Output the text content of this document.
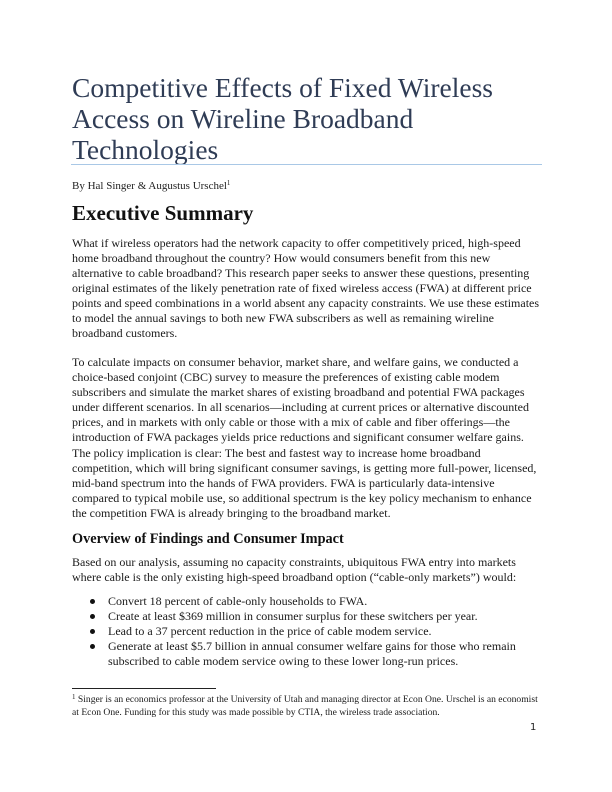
Competitive Effects of Fixed Wireless
Access on Wireline Broadband
Technologies
By Hal Singer & Augustus Urschel$^1$
Executive Summary

What if wireless operators had the network capacity to offer competitively priced, high-speed home broadband throughout the country? How would consumers benefit from this new alternative to cable broadband? This research paper seeks to answer these questions, presenting original estimates of the likely penetration rate of fixed wireless access (FWA) at different price points and speed combinations in a world absent any capacity constraints. We use these estimates to model the annual savings to both new FWA subscribers as well as remaining wireline broadband customers.

To calculate impacts on consumer behavior, market share, and welfare gains, we conducted a choice-based conjoint (CBC) survey to measure the preferences of existing cable modem subscribers and simulate the market shares of existing broadband and potential FWA packages under different scenarios. In all scenarios—including at current prices or alternative discounted prices, and in markets with only cable or those with a mix of cable and fiber offerings—the introduction of FWA packages yields price reductions and significant consumer welfare gains.

The policy implication is clear: The best and fastest way to increase home broadband competition, which will bring significant consumer savings, is getting more full-power, licensed, mid-band spectrum into the hands of FWA providers. FWA is particularly data-intensive compared to typical mobile use, so additional spectrum is the key policy mechanism to enhance the competition FWA is already bringing to the broadband market.

Overview of Findings and Consumer Impact

Based on our analysis, assuming no capacity constraints, ubiquitous FWA entry into markets where cable is the only existing high-speed broadband option (“cable-only markets”) would:

Convert 18 percent of cable-only households to FWA.
Create at least $369 million in consumer surplus for these switchers per year.
Lead to a 37 percent reduction in the price of cable modem service.
Generate at least $5.7 billion in annual consumer welfare gains for those who remain subscribed to cable modem service owing to these lower long-run prices.

$^1$ Singer is an economics professor at the University of Utah and managing director at Econ One. Urschel is an economist at Econ One. Funding for this study was made possible by CTIA, the wireless trade association.

1
